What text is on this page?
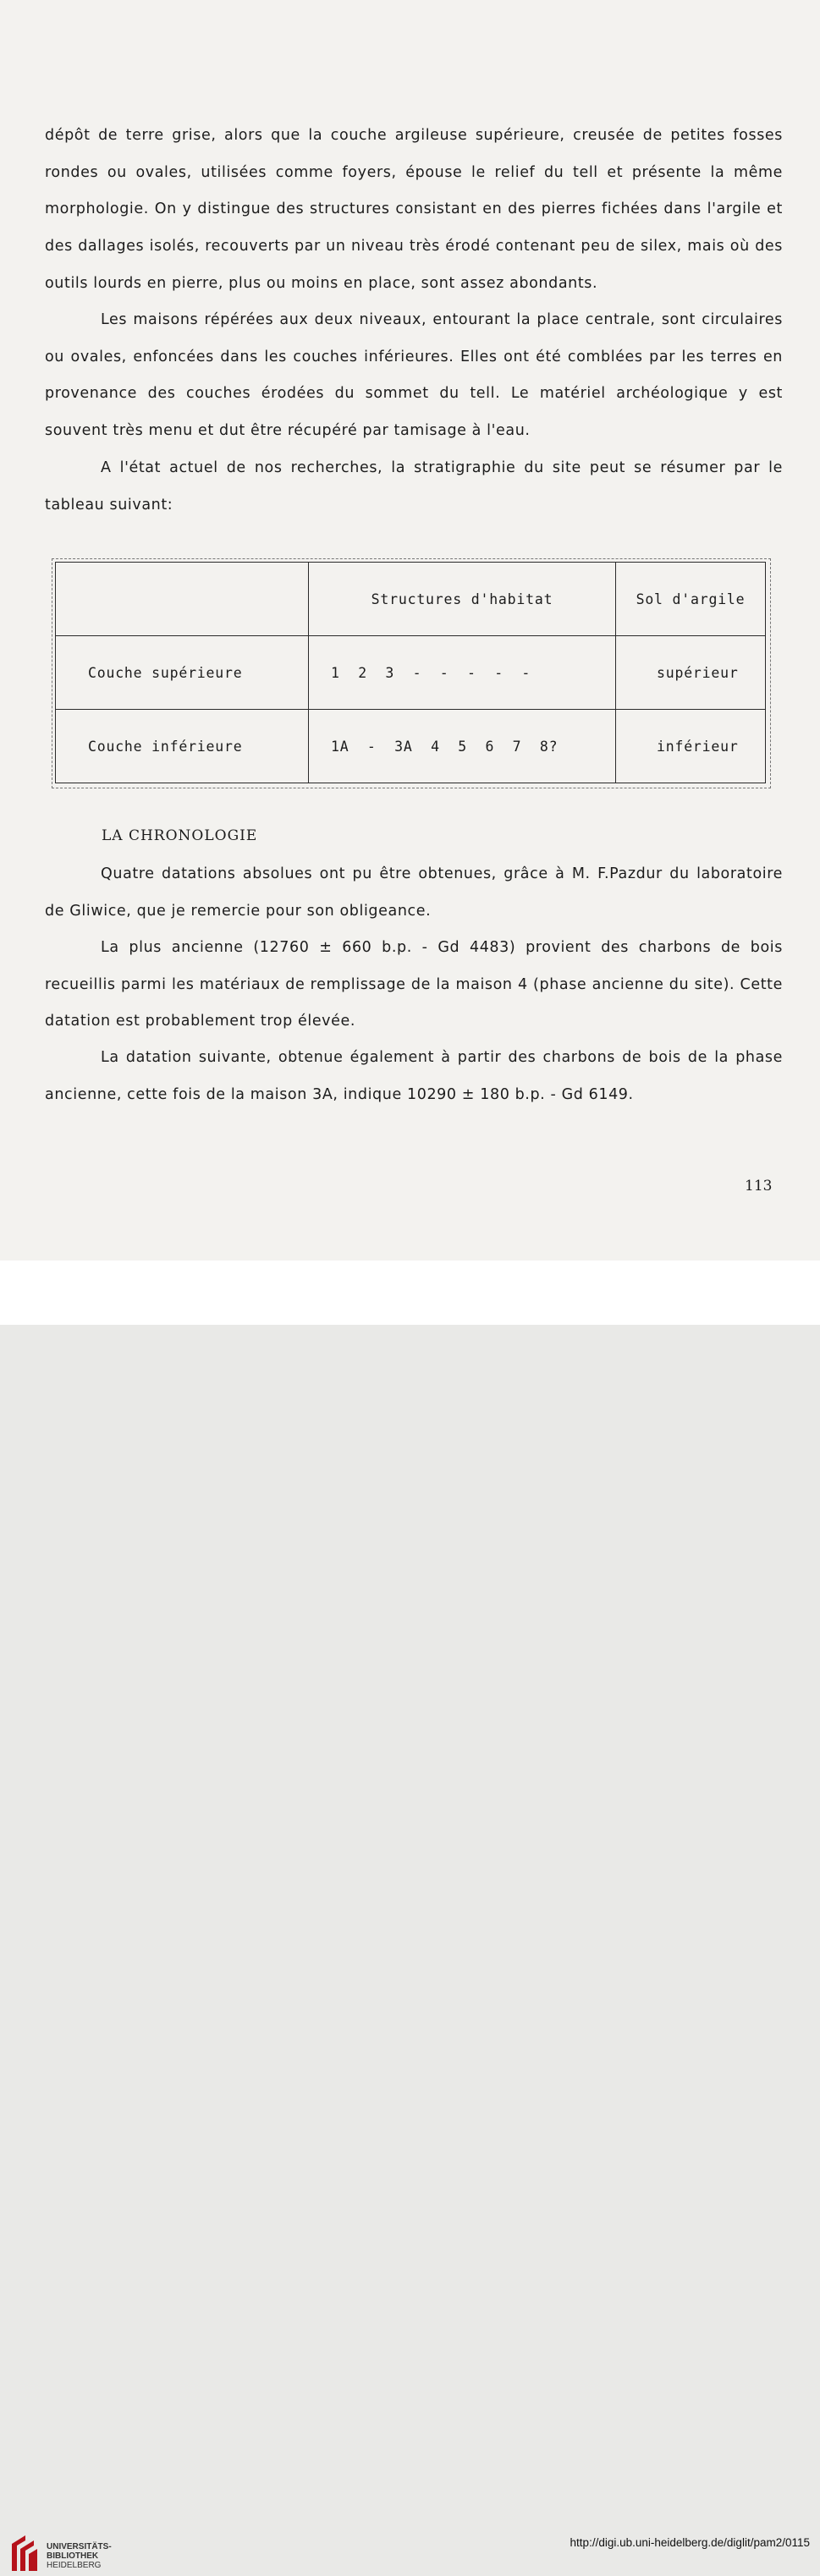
dépôt de terre grise, alors que la couche argileuse supérieure, creusée de petites fosses rondes ou ovales, utilisées comme foyers, épouse le relief du tell et présente la même morphologie. On y distingue des structures consistant en des pierres fichées dans l'argile et des dallages isolés, recouverts par un niveau très érodé contenant peu de silex, mais où des outils lourds en pierre, plus ou moins en place, sont assez abondants.

Les maisons répérées aux deux niveaux, entourant la place centrale, sont circulaires ou ovales, enfoncées dans les couches inférieures. Elles ont été comblées par les terres en provenance des couches érodées du sommet du tell. Le matériel archéologique y est souvent très menu et dut être récupéré par tamisage à l'eau.

A l'état actuel de nos recherches, la stratigraphie du site peut se résumer par le tableau suivant:

	Structures d'habitat	Sol d'argile
Couche supérieure	1  2  3  -  -  -  -  -	supérieur
Couche inférieure	1A  -  3A  4  5  6  7  8?	inférieur
LA CHRONOLOGIE

Quatre datations absolues ont pu être obtenues, grâce à M. F.Pazdur du laboratoire de Gliwice, que je remercie pour son obligeance.

La plus ancienne (12760 ± 660 b.p. - Gd 4483) provient des charbons de bois recueillis parmi les matériaux de remplissage de la maison 4 (phase ancienne du site). Cette datation est probablement trop élevée.

La datation suivante, obtenue également à partir des charbons de bois de la phase ancienne, cette fois de la maison 3A, indique 10290 ± 180 b.p. - Gd 6149.

113
UNIVERSITÄTS-
BIBLIOTHEK
HEIDELBERG
http://digi.ub.uni-heidelberg.de/diglit/pam2/0115
